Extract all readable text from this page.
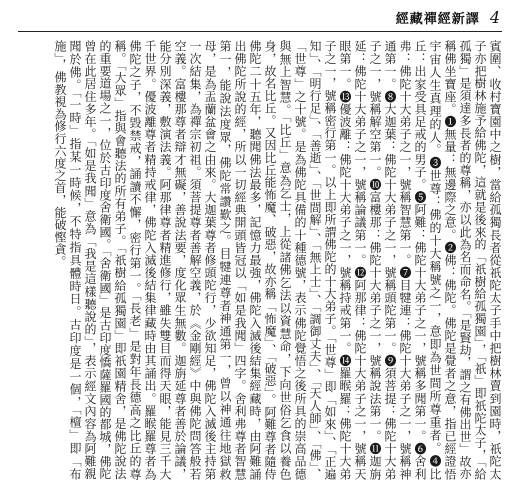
經藏禪經新譯 4

賓圍、收村寶園中之樹，當給孤獨長者從祇陀太子手中把樹林賣到園時，祇陀太子亦把樹林施予給佛陀，這就是後來的「祇樹給孤獨園」，「祇」即祇陀太子，「給孤獨」是須達多長者的尊稱，亦以此為名而命名。「是賢劫，謂之有佛出世」故亦稱佛坐寶座。❶無量：無邊際之意。❷佛：佛陀。佛陀是覺者之意，指已經證悟宇宙人生真理的人。❸世尊：佛的十大稱號之一，意即為世間所尊重者。❹比丘：出家受具足戒的男子。❺阿難：佛陀十大弟子之一，號稱多聞第一。❻舍利弗：佛陀十大弟子之一，號稱智慧第一。❼目犍連：佛陀十大弟子之一，號稱神通第一。❽大迦葉：佛陀十大弟子之一，號稱頭陀第一。❾須菩提：佛陀十大弟子之一，號稱解空第一。❿富樓那：佛陀十大弟子之一，號稱說法第一。⓫迦旃延：佛陀十大弟子之一，號稱論議第一。⓬阿那律：佛陀十大弟子之一，號稱天眼第一。⓭優波離：佛陀十大弟子之一，號稱持戒第一。⓮羅睺羅：佛陀十大弟子之一，號稱密行第一。以上即所謂佛陀的十大弟子。「世尊」即「如來」、「正遍知」、「明行足」、「善逝」、「世間解」、「無上士」、「調御丈夫」、「天人師」、「佛」、「世尊」之十號。是為佛陀具備的十種德號，表示佛陀覺悟之後所具的崇高品德與無上智慧。「比丘」意為乞士，上從諸佛乞法以資慧命，下向世俗乞食以養色身，故名比丘。又因比丘能怖魔、破惡，故亦稱「怖魔」、「破惡」。阿難尊者隨侍佛陀二十五年，聽聞佛法最多，記憶力最強，佛陀入滅後結集經藏時，由阿難誦出佛陀所說的經，所以一切經典開頭皆冠以「如是我聞」四字。舍利弗尊者智慧第一，能說法度眾，佛陀常讚歎之。目犍連尊者神通第一，曾以神通往地獄救母，是為盂蘭盆會之由來。大迦葉尊者修頭陀行，少欲知足，佛陀入滅後主持第一次結集，為禪宗初祖。須菩提尊者善解空義，於《金剛經》中與佛陀問答般若空義。富樓那尊者辯才無礙，善說法要，度化眾生無數。迦旃延尊者善於論議，能分別深義，敷演法義。阿那律尊者精進修行，雖失雙目而得天眼，能見三千大千世界。優波離尊者精持戒律，佛陀入滅後結集律藏時由其誦出。羅睺羅尊者為佛陀之子，不毀禁戒，誦讀不懈，密行第一。「長老」是對年長德高之比丘的尊稱。「大眾」指與會聽法的所有弟子。「祇樹給孤獨園」即祇園精舍，是佛陀說法的重要道場之一，位於古印度舍衛國。「舍衛國」是古印度憍薩羅國的都城，佛陀曾在此居住多年。「如是我聞」意為「我是這樣聽說的」，表示經文內容為阿難親聞於佛。「一時」指某一時候，不特指具體時日。古印度是一個，「檀」即「布施」，佛教視為修行六度之首，能破慳貪。
